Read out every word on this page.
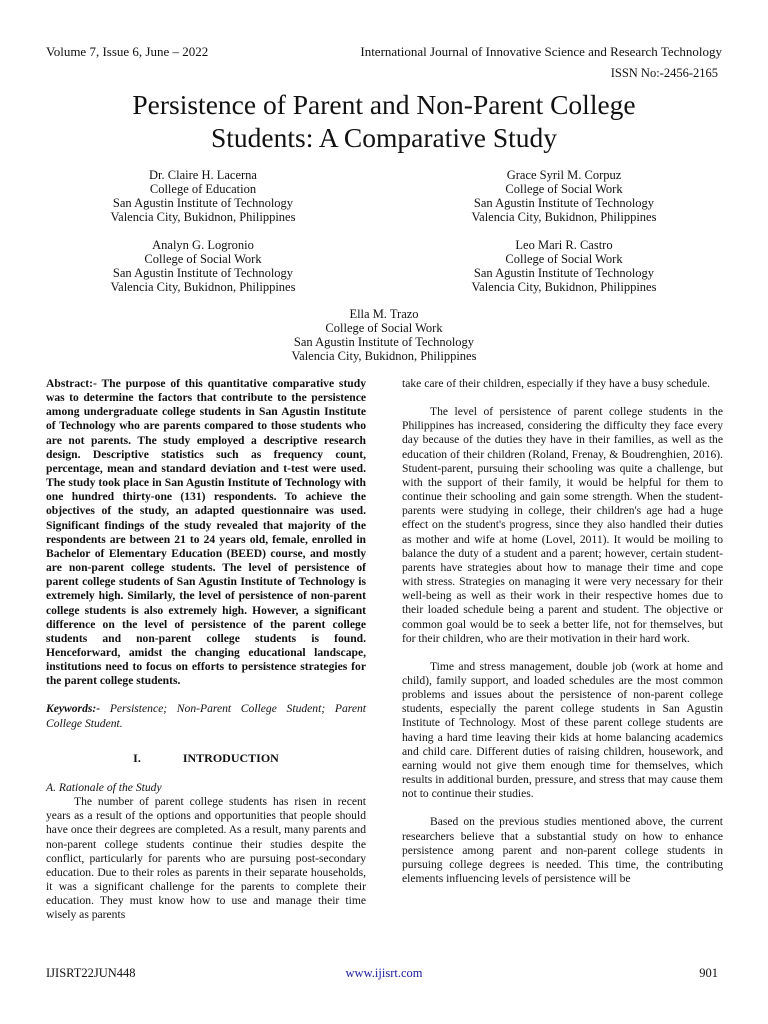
Volume 7, Issue 6, June – 2022	International Journal of Innovative Science and Research Technology
ISSN No:-2456-2165
Persistence of Parent and Non-Parent College
Students: A Comparative Study
Dr. Claire H. Lacerna
College of Education
San Agustin Institute of Technology
Valencia City, Bukidnon, Philippines
Grace Syril M. Corpuz
College of Social Work
San Agustin Institute of Technology
Valencia City, Bukidnon, Philippines
Analyn G. Logronio
College of Social Work
San Agustin Institute of Technology
Valencia City, Bukidnon, Philippines
Leo Mari R. Castro
College of Social Work
San Agustin Institute of Technology
Valencia City, Bukidnon, Philippines
Ella M. Trazo
College of Social Work
San Agustin Institute of Technology
Valencia City, Bukidnon, Philippines

Abstract:- The purpose of this quantitative comparative study was to determine the factors that contribute to the persistence among undergraduate college students in San Agustin Institute of Technology who are parents compared to those students who are not parents. The study employed a descriptive research design. Descriptive statistics such as frequency count, percentage, mean and standard deviation and t-test were used. The study took place in San Agustin Institute of Technology with one hundred thirty-one (131) respondents. To achieve the objectives of the study, an adapted questionnaire was used. Significant findings of the study revealed that majority of the respondents are between 21 to 24 years old, female, enrolled in Bachelor of Elementary Education (BEED) course, and mostly are non-parent college students. The level of persistence of parent college students of San Agustin Institute of Technology is extremely high. Similarly, the level of persistence of non-parent college students is also extremely high. However, a significant difference on the level of persistence of the parent college students and non-parent college students is found. Henceforward, amidst the changing educational landscape, institutions need to focus on efforts to persistence strategies for the parent college students.

Keywords:- Persistence; Non-Parent College Student; Parent College Student.

I.	INTRODUCTION
A. Rationale of the Study

The number of parent college students has risen in recent years as a result of the options and opportunities that people should have once their degrees are completed. As a result, many parents and non-parent college students continue their studies despite the conflict, particularly for parents who are pursuing post-secondary education. Due to their roles as parents in their separate households, it was a significant challenge for the parents to complete their education. They must know how to use and manage their time wisely as parents

take care of their children, especially if they have a busy schedule.

The level of persistence of parent college students in the Philippines has increased, considering the difficulty they face every day because of the duties they have in their families, as well as the education of their children (Roland, Frenay, & Boudrenghien, 2016). Student-parent, pursuing their schooling was quite a challenge, but with the support of their family, it would be helpful for them to continue their schooling and gain some strength. When the student-parents were studying in college, their children's age had a huge effect on the student's progress, since they also handled their duties as mother and wife at home (Lovel, 2011). It would be moiling to balance the duty of a student and a parent; however, certain student-parents have strategies about how to manage their time and cope with stress. Strategies on managing it were very necessary for their well-being as well as their work in their respective homes due to their loaded schedule being a parent and student. The objective or common goal would be to seek a better life, not for themselves, but for their children, who are their motivation in their hard work.

Time and stress management, double job (work at home and child), family support, and loaded schedules are the most common problems and issues about the persistence of non-parent college students, especially the parent college students in San Agustin Institute of Technology. Most of these parent college students are having a hard time leaving their kids at home balancing academics and child care. Different duties of raising children, housework, and earning would not give them enough time for themselves, which results in additional burden, pressure, and stress that may cause them not to continue their studies.

Based on the previous studies mentioned above, the current researchers believe that a substantial study on how to enhance persistence among parent and non-parent college students in pursuing college degrees is needed. This time, the contributing elements influencing levels of persistence will be

IJISRT22JUN448	www.ijisrt.com	901
